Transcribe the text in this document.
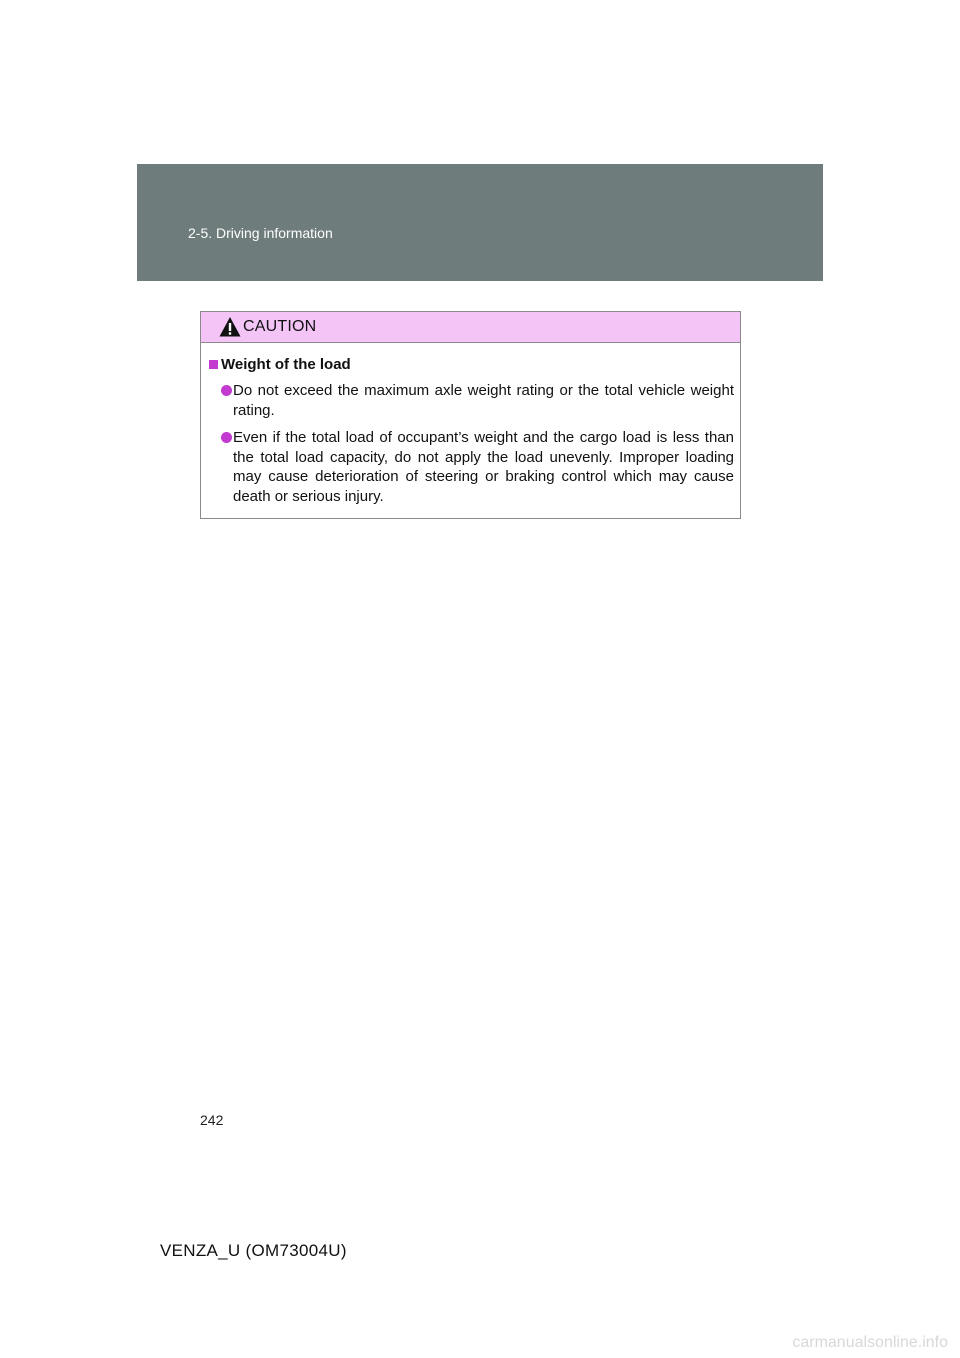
2-5. Driving information
CAUTION
Weight of the load
Do not exceed the maximum axle weight rating or the total vehicle weight rating.
Even if the total load of occupant’s weight and the cargo load is less than the total load capacity, do not apply the load unevenly. Improper loading may cause deterioration of steering or braking control which may cause death or serious injury.
242
VENZA_U (OM73004U)
carmanualsonline.info
